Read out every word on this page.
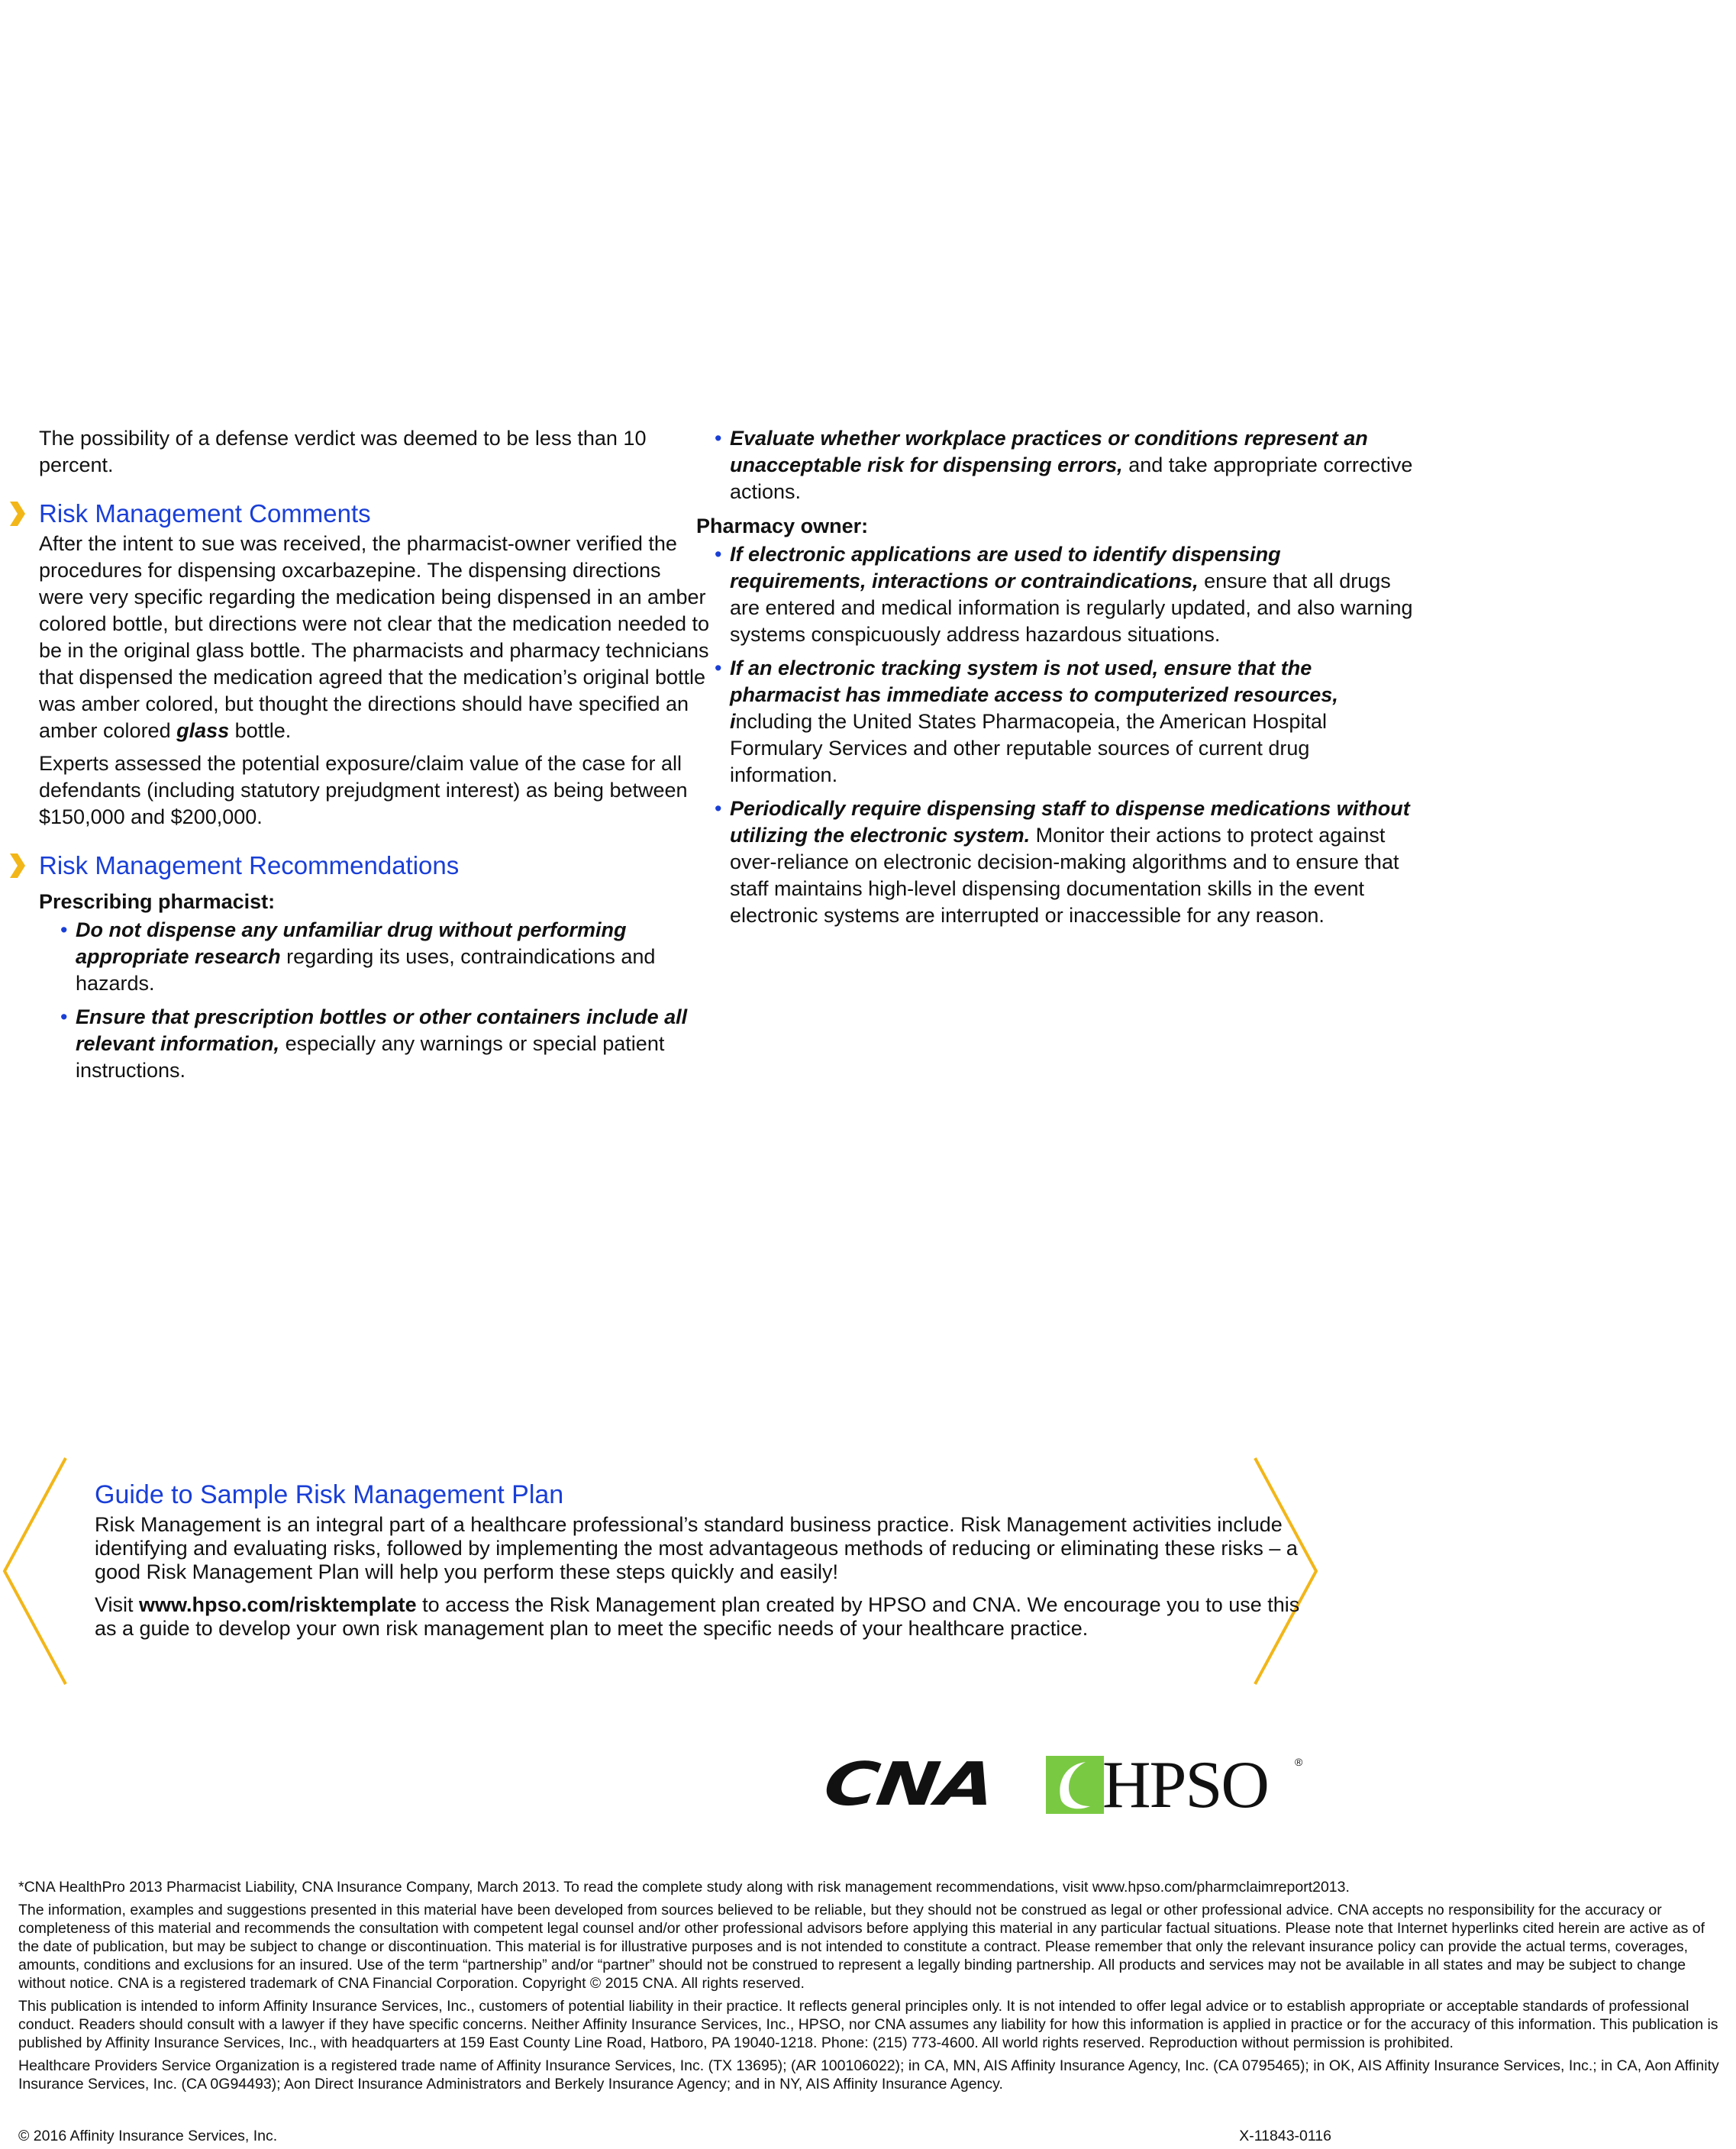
The possibility of a defense verdict was deemed to be less than 10 percent.

Risk Management Comments

After the intent to sue was received, the pharmacist-owner verified the procedures for dispensing oxcarbazepine. The dispensing directions were very specific regarding the medication being dispensed in an amber colored bottle, but directions were not clear that the medication needed to be in the original glass bottle. The pharmacists and pharmacy technicians that dispensed the medication agreed that the medication’s original bottle was amber colored, but thought the directions should have specified an amber colored glass bottle.

Experts assessed the potential exposure/claim value of the case for all defendants (including statutory prejudgment interest) as being between $150,000 and $200,000.

Risk Management Recommendations
Prescribing pharmacist:
• Do not dispense any unfamiliar drug without performing appropriate research regarding its uses, contraindications and hazards.
• Ensure that prescription bottles or other containers include all relevant information, especially any warnings or special patient instructions.
• Evaluate whether workplace practices or conditions represent an unacceptable risk for dispensing errors, and take appropriate corrective actions.
Pharmacy owner:
• If electronic applications are used to identify dispensing requirements, interactions or contraindications, ensure that all drugs are entered and medical information is regularly updated, and also warning systems conspicuously address hazardous situations.
• If an electronic tracking system is not used, ensure that the pharmacist has immediate access to computerized resources, including the United States Pharmacopeia, the American Hospital Formulary Services and other reputable sources of current drug information.
• Periodically require dispensing staff to dispense medications without utilizing the electronic system. Monitor their actions to protect against over-reliance on electronic decision-making algorithms and to ensure that staff maintains high-level dispensing documentation skills in the event electronic systems are interrupted or inaccessible for any reason.
Guide to Sample Risk Management Plan

Risk Management is an integral part of a healthcare professional’s standard business practice. Risk Management activities include identifying and evaluating risks, followed by implementing the most advantageous methods of reducing or eliminating these risks – a good Risk Management Plan will help you perform these steps quickly and easily!

Visit www.hpso.com/risktemplate to access the Risk Management plan created by HPSO and CNA. We encourage you to use this as a guide to develop your own risk management plan to meet the specific needs of your healthcare practice.

CNA HPSO	®

*CNA HealthPro 2013 Pharmacist Liability, CNA Insurance Company, March 2013. To read the complete study along with risk management recommendations, visit www.hpso.com/pharmclaimreport2013.

The information, examples and suggestions presented in this material have been developed from sources believed to be reliable, but they should not be construed as legal or other professional advice. CNA accepts no responsibility for the accuracy or completeness of this material and recommends the consultation with competent legal counsel and/or other professional advisors before applying this material in any particular factual situations. Please note that Internet hyperlinks cited herein are active as of the date of publication, but may be subject to change or discontinuation. This material is for illustrative purposes and is not intended to constitute a contract. Please remember that only the relevant insurance policy can provide the actual terms, coverages, amounts, conditions and exclusions for an insured. Use of the term “partnership” and/or “partner” should not be construed to represent a legally binding partnership. All products and services may not be available in all states and may be subject to change without notice. CNA is a registered trademark of CNA Financial Corporation. Copyright © 2015 CNA. All rights reserved.

This publication is intended to inform Affinity Insurance Services, Inc., customers of potential liability in their practice. It reflects general principles only. It is not intended to offer legal advice or to establish appropriate or acceptable standards of professional conduct. Readers should consult with a lawyer if they have specific concerns. Neither Affinity Insurance Services, Inc., HPSO, nor CNA assumes any liability for how this information is applied in practice or for the accuracy of this information. This publication is published by Affinity Insurance Services, Inc., with headquarters at 159 East County Line Road, Hatboro, PA 19040-1218. Phone: (215) 773-4600. All world rights reserved. Reproduction without permission is prohibited.

Healthcare Providers Service Organization is a registered trade name of Affinity Insurance Services, Inc. (TX 13695); (AR 100106022); in CA, MN, AIS Affinity Insurance Agency, Inc. (CA 0795465); in OK, AIS Affinity Insurance Services, Inc.; in CA, Aon Affinity Insurance Services, Inc. (CA 0G94493); Aon Direct Insurance Administrators and Berkely Insurance Agency; and in NY, AIS Affinity Insurance Agency.

© 2016 Affinity Insurance Services, Inc.	X-11843-0116
